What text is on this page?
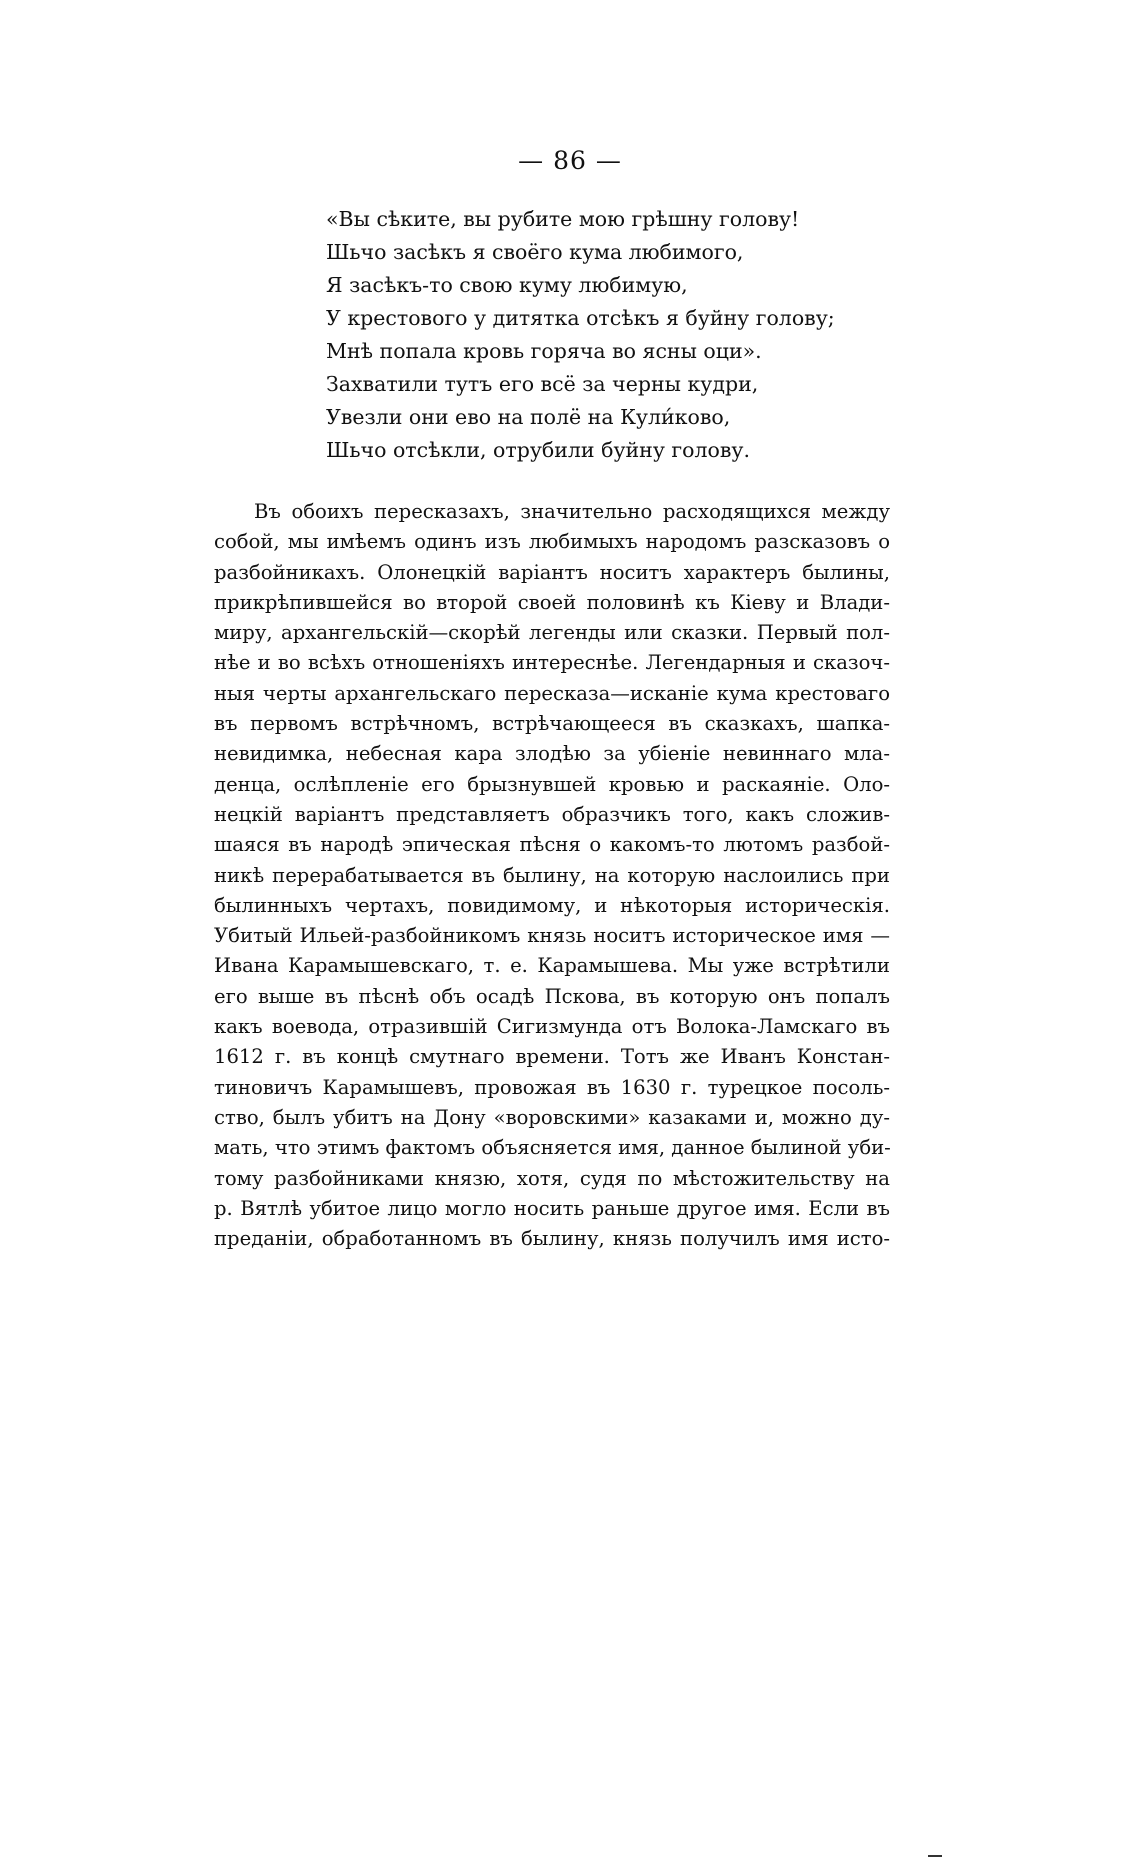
— 86 —
«Вы сѣките, вы рубите мою грѣшну голову!
Шьчо засѣкъ я своёго кума любимого,
Я засѣкъ-то свою куму любимую,
У крестового у дитятка отсѣкъ я буйну голову;
Мнѣ попала кровь горяча во ясны оци».
Захватили тутъ его всё за черны кудри,
Увезли они ево на полё на Кули́ково,
Шьчо отсѣкли, отрубили буйну голову.
Въ обоихъ пересказахъ, значительно расходящихся между
собой, мы имѣемъ одинъ изъ любимыхъ народомъ разсказовъ о
разбойникахъ. Олонецкій варіантъ носитъ характеръ былины,
прикрѣпившейся во второй своей половинѣ къ Кіеву и Влади-
миру, архангельскій—скорѣй легенды или сказки. Первый пол-
нѣе и во всѣхъ отношеніяхъ интереснѣе. Легендарныя и сказоч-
ныя черты архангельскаго пересказа—исканіе кума крестоваго
въ первомъ встрѣчномъ, встрѣчающееся въ сказкахъ, шапка-
невидимка, небесная кара злодѣю за убіеніе невиннаго мла-
денца, ослѣпленіе его брызнувшей кровью и раскаяніе. Оло-
нецкій варіантъ представляетъ образчикъ того, какъ сложив-
шаяся въ народѣ эпическая пѣсня о какомъ-то лютомъ разбой-
никѣ перерабатывается въ былину, на которую наслоились при
былинныхъ чертахъ, повидимому, и нѣкоторыя историческія.
Убитый Ильей-разбойникомъ князь носитъ историческое имя —
Ивана Карамышевскаго, т. е. Карамышева. Мы уже встрѣтили
его выше въ пѣснѣ объ осадѣ Пскова, въ которую онъ попалъ
какъ воевода, отразившій Сигизмунда отъ Волока-Ламскаго въ
1612 г. въ концѣ смутнаго времени. Тотъ же Иванъ Констан-
тиновичъ Карамышевъ, провожая въ 1630 г. турецкое посоль-
ство, былъ убитъ на Дону «воровскими» казаками и, можно ду-
мать, что этимъ фактомъ объясняется имя, данное былиной уби-
тому разбойниками князю, хотя, судя по мѣстожительству на
р. Вятлѣ убитое лицо могло носить раньше другое имя. Если въ
преданіи, обработанномъ въ былину, князь получилъ имя исто-
